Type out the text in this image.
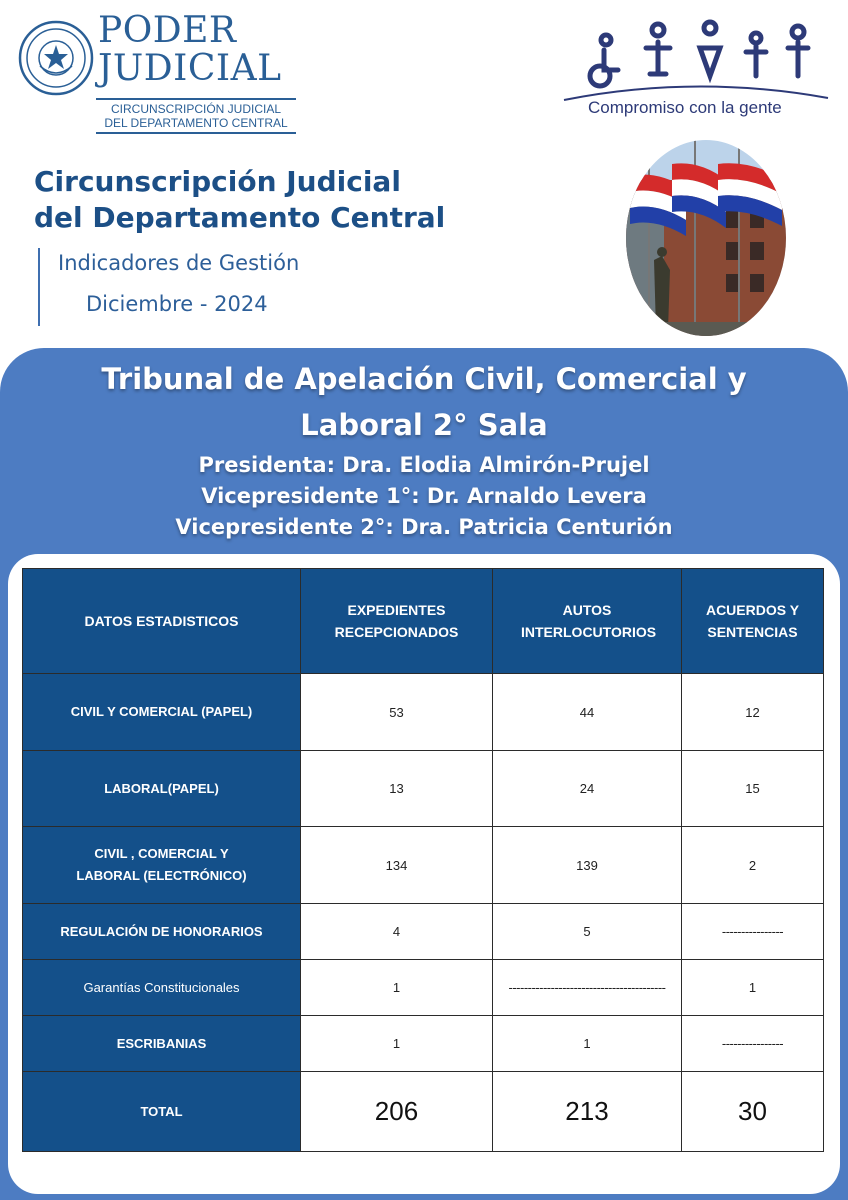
PODER
JUDICIAL
CIRCUNSCRIPCIÓN JUDICIAL
DEL DEPARTAMENTO CENTRAL
Compromiso con la gente
Circunscripción Judicial
del Departamento Central
Indicadores de Gestión
Diciembre - 2024
Tribunal de Apelación Civil, Comercial y
Laboral 2° Sala
Presidenta: Dra. Elodia Almirón-Prujel
Vicepresidente 1°: Dr. Arnaldo Levera
Vicepresidente 2°: Dra. Patricia Centurión
DATOS ESTADISTICOS	EXPEDIENTES RECEPCIONADOS	AUTOS INTERLOCUTORIOS	ACUERDOS Y SENTENCIAS
CIVIL Y COMERCIAL (PAPEL)	53	44	12
LABORAL(PAPEL)	13	24	15
CIVIL , COMERCIAL Y LABORAL (ELECTRÓNICO)	134	139	2
REGULACIÓN DE HONORARIOS	4	5	----------------
Garantías Constitucionales	1	-----------------------------------------	1
ESCRIBANIAS	1	1	----------------
TOTAL	206	213	30
